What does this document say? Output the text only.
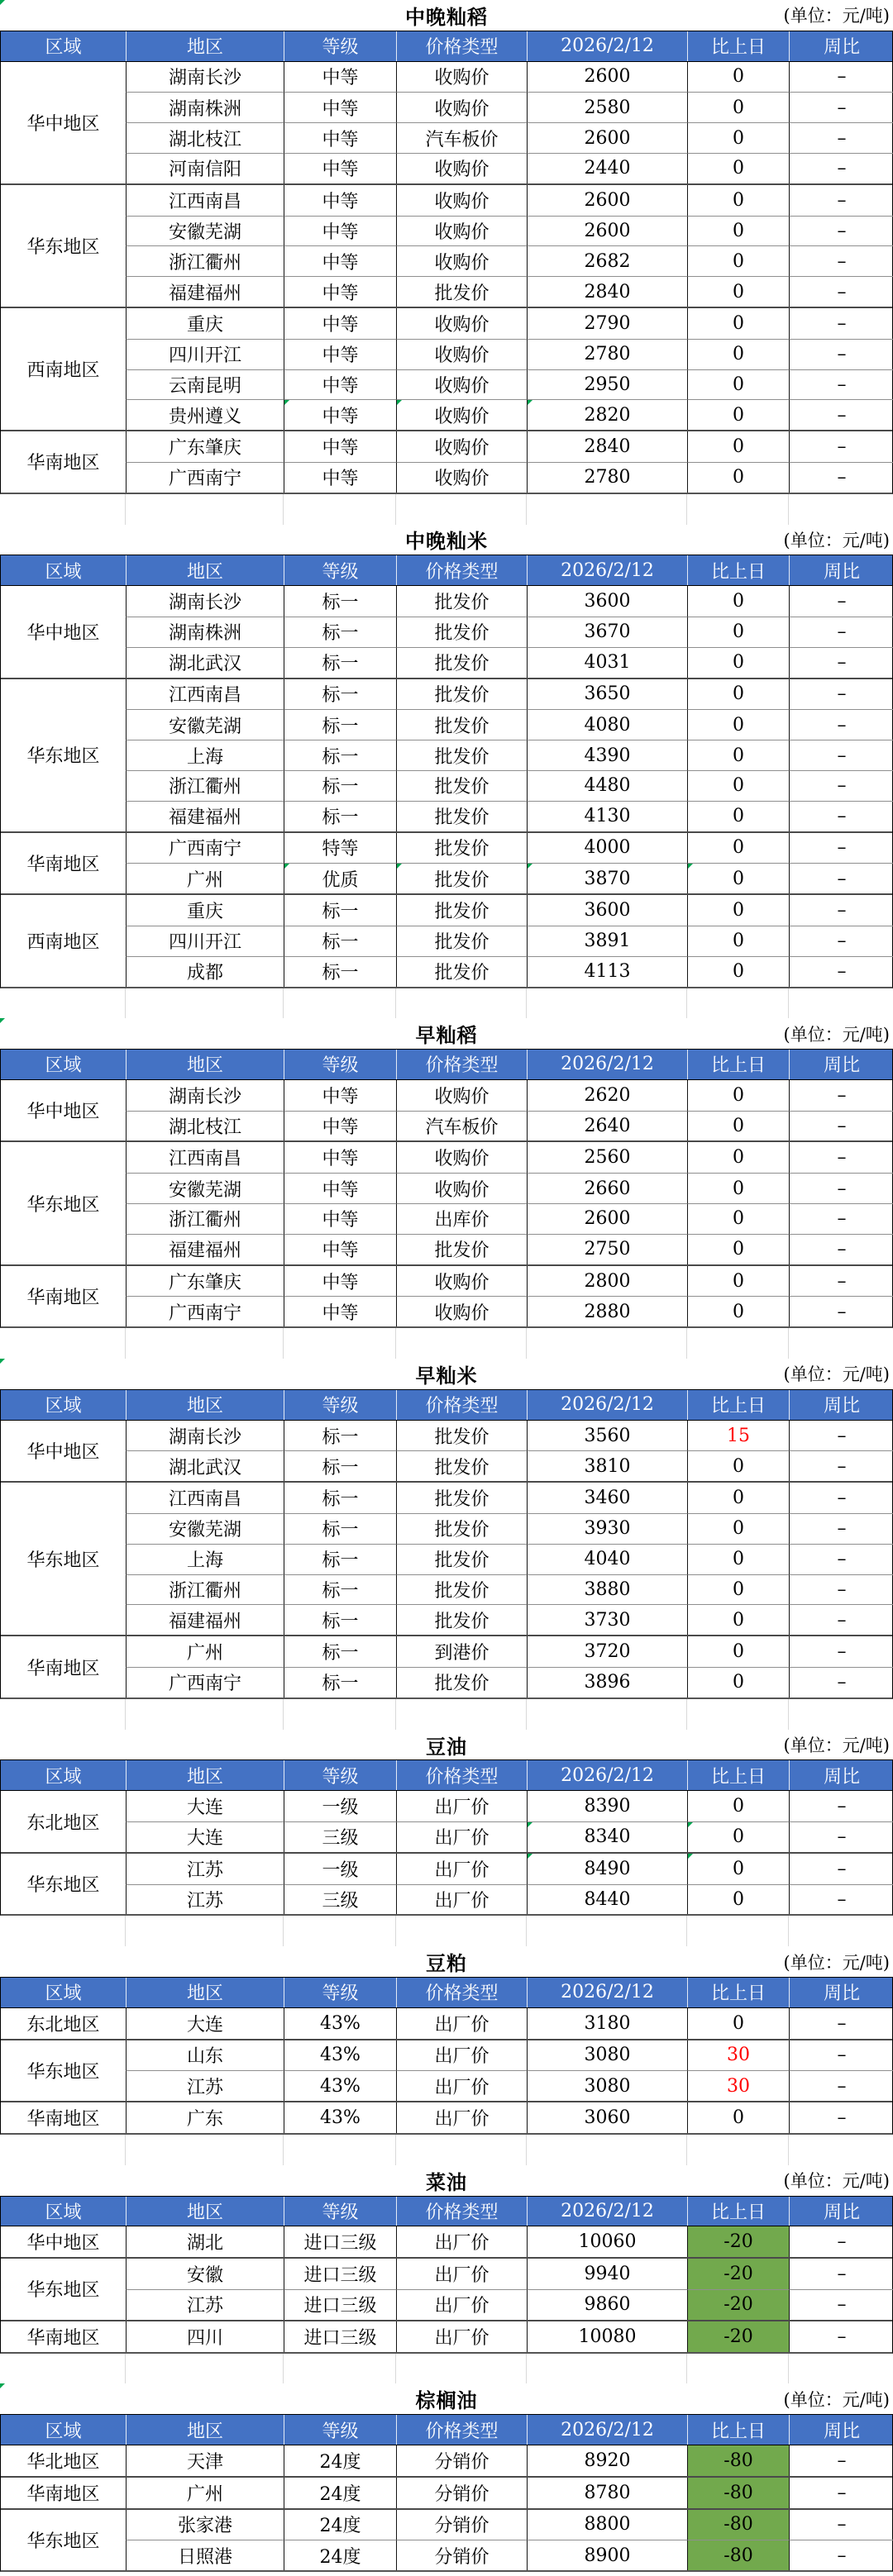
中晚籼稻	(单位：元/吨)
区域	地区	等级	价格类型	2026/2/12	比上日	周比
华中地区
湖南长沙	中等	收购价	2600	0	–
湖南株洲	中等	收购价	2580	0	–
湖北枝江	中等	汽车板价	2600	0	–
河南信阳	中等	收购价	2440	0	–
华东地区
江西南昌	中等	收购价	2600	0	–
安徽芜湖	中等	收购价	2600	0	–
浙江衢州	中等	收购价	2682	0	–
福建福州	中等	批发价	2840	0	–
西南地区
重庆	中等	收购价	2790	0	–
四川开江	中等	收购价	2780	0	–
云南昆明	中等	收购价	2950	0	–
贵州遵义	中等	收购价	2820	0	–
华南地区
广东肇庆	中等	收购价	2840	0	–
广西南宁	中等	收购价	2780	0	–
中晚籼米	(单位：元/吨)
区域	地区	等级	价格类型	2026/2/12	比上日	周比
华中地区
湖南长沙	标一	批发价	3600	0	–
湖南株洲	标一	批发价	3670	0	–
湖北武汉	标一	批发价	4031	0	–
华东地区
江西南昌	标一	批发价	3650	0	–
安徽芜湖	标一	批发价	4080	0	–
上海	标一	批发价	4390	0	–
浙江衢州	标一	批发价	4480	0	–
福建福州	标一	批发价	4130	0	–
华南地区
广西南宁	特等	批发价	4000	0	–
广州	优质	批发价	3870	0	–
西南地区
重庆	标一	批发价	3600	0	–
四川开江	标一	批发价	3891	0	–
成都	标一	批发价	4113	0	–
早籼稻	(单位：元/吨)
区域	地区	等级	价格类型	2026/2/12	比上日	周比
华中地区
湖南长沙	中等	收购价	2620	0	–
湖北枝江	中等	汽车板价	2640	0	–
华东地区
江西南昌	中等	收购价	2560	0	–
安徽芜湖	中等	收购价	2660	0	–
浙江衢州	中等	出库价	2600	0	–
福建福州	中等	批发价	2750	0	–
华南地区
广东肇庆	中等	收购价	2800	0	–
广西南宁	中等	收购价	2880	0	–
早籼米	(单位：元/吨)
区域	地区	等级	价格类型	2026/2/12	比上日	周比
华中地区
湖南长沙	标一	批发价	3560	15	–
湖北武汉	标一	批发价	3810	0	–
华东地区
江西南昌	标一	批发价	3460	0	–
安徽芜湖	标一	批发价	3930	0	–
上海	标一	批发价	4040	0	–
浙江衢州	标一	批发价	3880	0	–
福建福州	标一	批发价	3730	0	–
华南地区
广州	标一	到港价	3720	0	–
广西南宁	标一	批发价	3896	0	–
豆油	(单位：元/吨)
区域	地区	等级	价格类型	2026/2/12	比上日	周比
东北地区
大连	一级	出厂价	8390	0	–
大连	三级	出厂价	8340	0	–
华东地区
江苏	一级	出厂价	8490	0	–
江苏	三级	出厂价	8440	0	–
豆粕	(单位：元/吨)
区域	地区	等级	价格类型	2026/2/12	比上日	周比
东北地区	大连	43%	出厂价	3180	0	–
华东地区
山东	43%	出厂价	3080	30	–
江苏	43%	出厂价	3080	30	–
华南地区	广东	43%	出厂价	3060	0	–
菜油	(单位：元/吨)
区域	地区	等级	价格类型	2026/2/12	比上日	周比
华中地区	湖北	进口三级	出厂价	10060	-20	–
华东地区
安徽	进口三级	出厂价	9940	-20	–
江苏	进口三级	出厂价	9860	-20	–
华南地区	四川	进口三级	出厂价	10080	-20	–
棕榈油	(单位：元/吨)
区域	地区	等级	价格类型	2026/2/12	比上日	周比
华北地区	天津	24度	分销价	8920	-80	–
华南地区	广州	24度	分销价	8780	-80	–
华东地区
张家港	24度	分销价	8800	-80	–
日照港	24度	分销价	8900	-80	–
